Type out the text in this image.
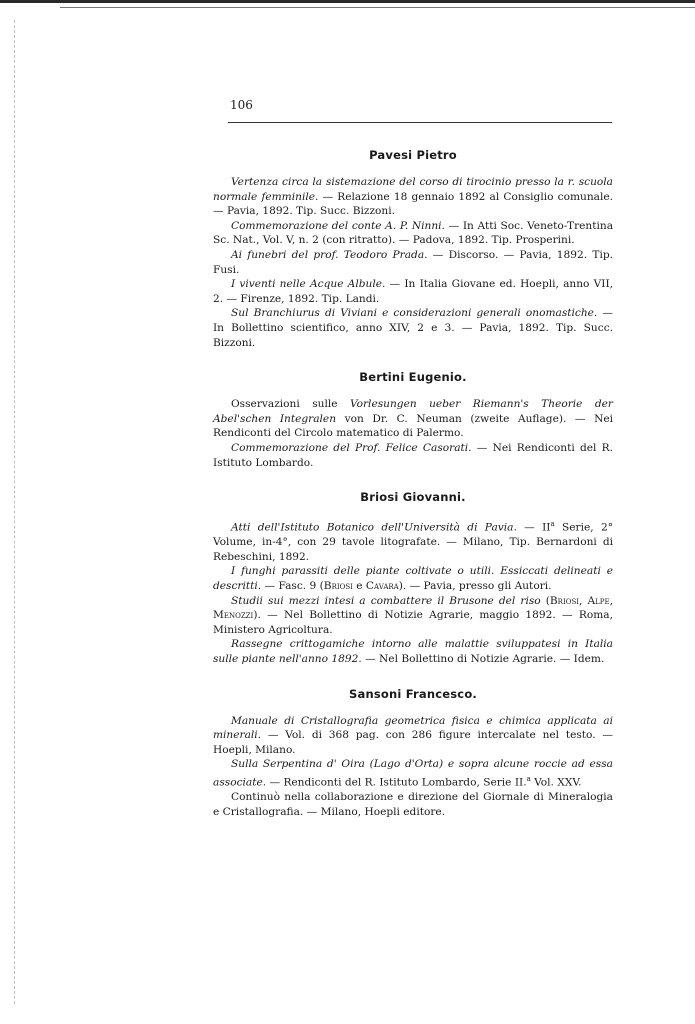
106
Pavesi Pietro

Vertenza circa la sistemazione del corso di tirocinio presso la r. scuola normale femminile. — Relazione 18 gennaio 1892 al Consiglio comunale. — Pavia, 1892. Tip. Succ. Bizzoni.

Commemorazione del conte A. P. Ninni. — In Atti Soc. Veneto-Trentina Sc. Nat., Vol. V, n. 2 (con ritratto). — Padova, 1892. Tip. Prosperini.

Ai funebri del prof. Teodoro Prada. — Discorso. — Pavia, 1892. Tip. Fusi.

I viventi nelle Acque Albule. — In Italia Giovane ed. Hoepli, anno VII, 2. — Firenze, 1892. Tip. Landi.

Sul Branchiurus di Viviani e considerazioni generali onomastiche. — In Bollettino scientifico, anno XIV, 2 e 3. — Pavia, 1892. Tip. Succ. Bizzoni.

Bertini Eugenio.

Osservazioni sulle Vorlesungen ueber Riemann's Theorie der Abel'schen Integralen von Dr. C. Neuman (zweite Auflage). — Nei Rendiconti del Circolo matematico di Palermo.

Commemorazione del Prof. Felice Casorati. — Nei Rendiconti del R. Istituto Lombardo.

Briosi Giovanni.

Atti dell'Istituto Botanico dell'Università di Pavia. — $II^a$ Serie, 2° Volume, in-4°, con 29 tavole litografate. — Milano, Tip. Bernardoni di Rebeschini, 1892.

I funghi parassiti delle piante coltivate o utili. Essiccati delineati e descritti. — Fasc. 9 (Briosi e Cavara). — Pavia, presso gli Autori.

Studii sui mezzi intesi a combattere il Brusone del riso (Briosi, Alpe, Menozzi). — Nel Bollettino di Notizie Agrarie, maggio 1892. — Roma, Ministero Agricoltura.

Rassegne crittogamiche intorno alle malattie sviluppatesi in Italia sulle piante nell'anno 1892. — Nel Bollettino di Notizie Agrarie. — Idem.

Sansoni Francesco.

Manuale di Cristallografia geometrica fisica e chimica applicata ai minerali. — Vol. di 368 pag. con 286 figure intercalate nel testo. — Hoepli, Milano.

Sulla Serpentina d' Oira (Lago d'Orta) e sopra alcune roccie ad essa associate. — Rendiconti del R. Istituto Lombardo, Serie II.$^a$ Vol. XXV.

Continuò nella collaborazione e direzione del Giornale di Mineralogia e Cristallografia. — Milano, Hoepli editore.
